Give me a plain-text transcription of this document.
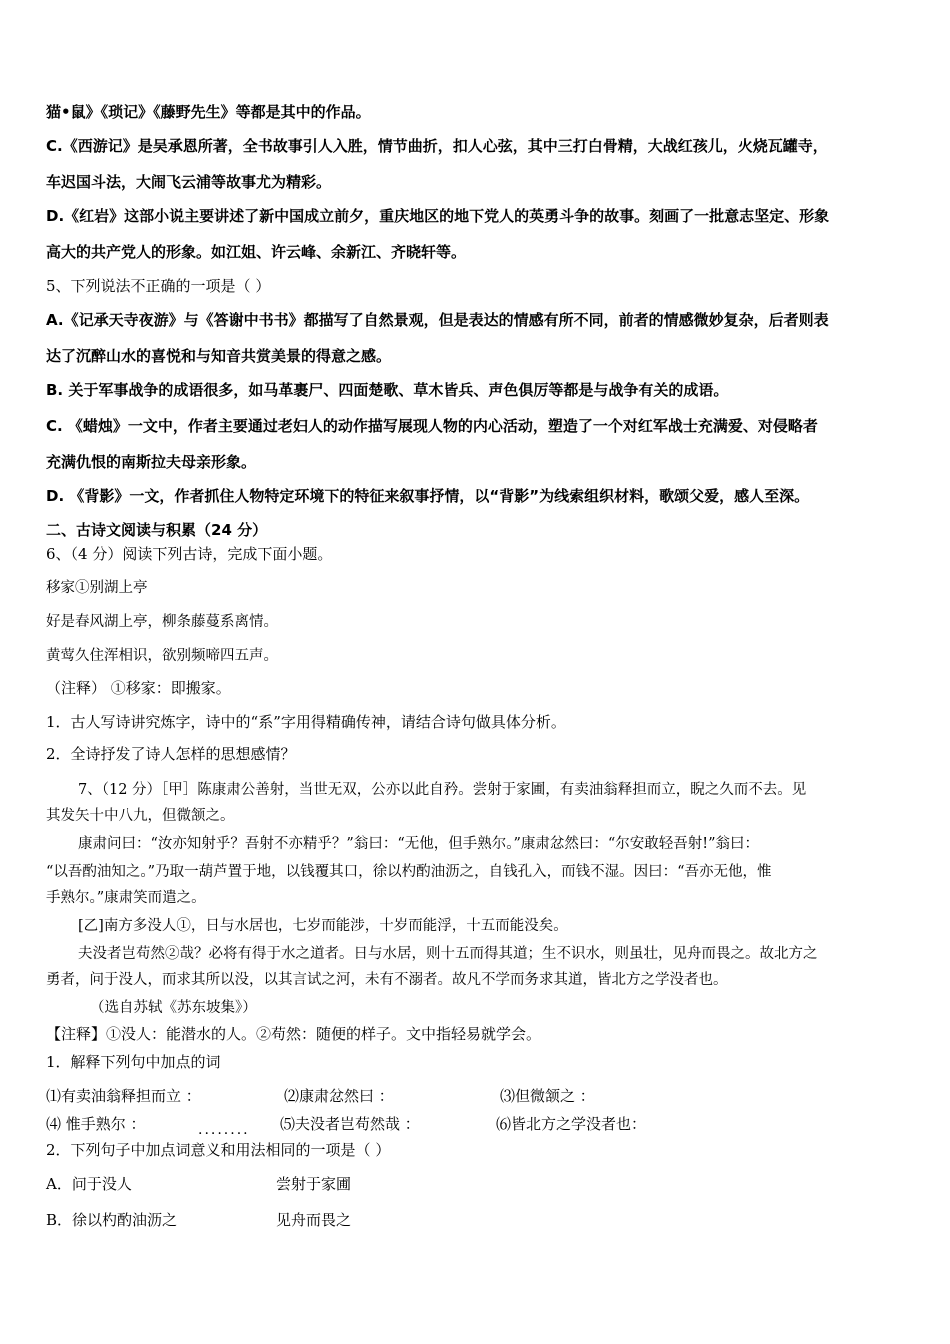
猫•鼠》《琐记》《藤野先生》等都是其中的作品。
C.《西游记》是吴承恩所著，全书故事引人入胜，情节曲折，扣人心弦，其中三打白骨精，大战红孩儿，火烧瓦罐寺，
车迟国斗法，大闹飞云浦等故事尤为精彩。
D.《红岩》这部小说主要讲述了新中国成立前夕，重庆地区的地下党人的英勇斗争的故事。刻画了一批意志坚定、形象
高大的共产党人的形象。如江姐、许云峰、余新江、齐晓轩等。
5、下列说法不正确的一项是（ ）
A.《记承天寺夜游》与《答谢中书书》都描写了自然景观，但是表达的情感有所不同，前者的情感微妙复杂，后者则表
达了沉醉山水的喜悦和与知音共赏美景的得意之感。
B. 关于军事战争的成语很多，如马革裹尸、四面楚歌、草木皆兵、声色俱厉等都是与战争有关的成语。
C. 《蜡烛》一文中，作者主要通过老妇人的动作描写展现人物的内心活动，塑造了一个对红军战士充满爱、对侵略者
充满仇恨的南斯拉夫母亲形象。
D. 《背影》一文，作者抓住人物特定环境下的特征来叙事抒情，以“背影”为线索组织材料，歌颂父爱，感人至深。
二、古诗文阅读与积累（24 分）
6、（4 分）阅读下列古诗，完成下面小题。
移家①别湖上亭
好是春风湖上亭，柳条藤蔓系离情。
黄莺久住浑相识，欲别频啼四五声。
（注释） ①移家：即搬家。
1．古人写诗讲究炼字，诗中的“系”字用得精确传神，请结合诗句做具体分析。
2．全诗抒发了诗人怎样的思想感情？
7、（12 分）［甲］陈康肃公善射，当世无双，公亦以此自矜。尝射于家圃，有卖油翁释担而立，睨之久而不去。见
其发矢十中八九，但微颔之。
康肃问曰：“汝亦知射乎？吾射不亦精乎？”翁曰：“无他，但手熟尔。”康肃忿然曰：“尔安敢轻吾射!”翁曰：
“以吾酌油知之。”乃取一葫芦置于地，以钱覆其口，徐以杓酌油沥之，自钱孔入，而钱不湿。因曰：“吾亦无他，惟
手熟尔。”康肃笑而遣之。
[乙]南方多没人①，日与水居也，七岁而能涉，十岁而能浮，十五而能没矣。
夫没者岂苟然②哉？必将有得于水之道者。日与水居，则十五而得其道；生不识水，则虽壮，见舟而畏之。故北方之
勇者，问于没人，而求其所以没，以其言试之河，未有不溺者。故凡不学而务求其道，皆北方之学没者也。
（选自苏轼《苏东坡集》）
【注释】①没人：能潜水的人。②苟然：随便的样子。文中指轻易就学会。
1．解释下列句中加点的词
⑴有卖油翁释担而立 ：	⑵康肃忿然曰 ：	⑶但微颔之 ：
⑷ 惟手熟尔 ：	........ ⑸夫没者岂苟然哉 ：	⑹皆北方之学没者也：
2．下列句子中加点词意义和用法相同的一项是（ ）
A．问于没人	尝射于家圃
B．徐以杓酌油沥之	见舟而畏之
